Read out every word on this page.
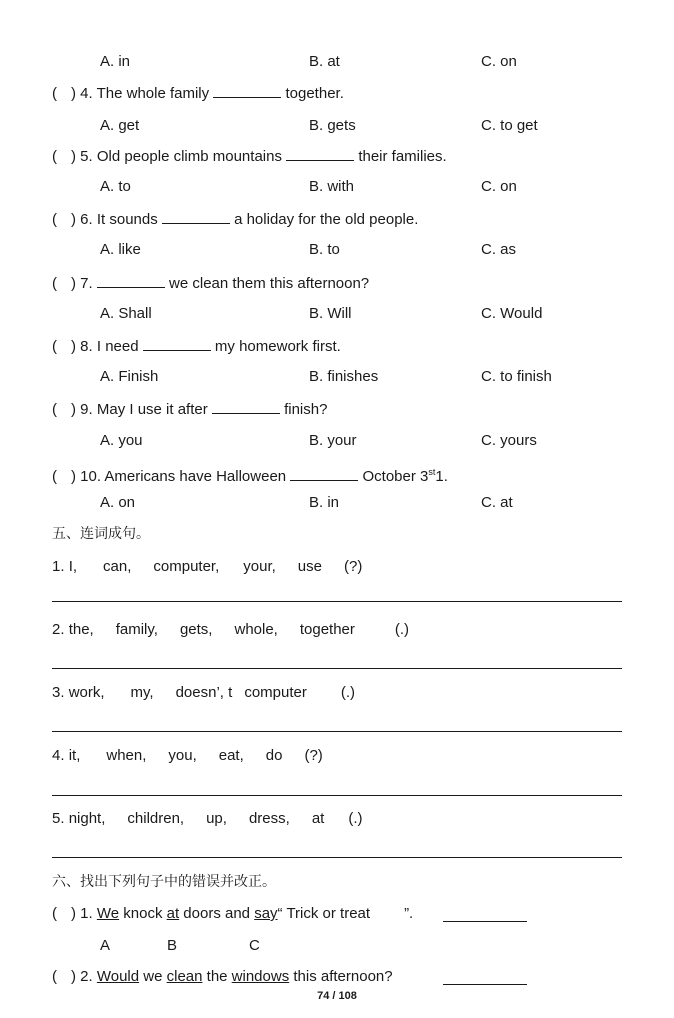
A. in	B. at	C. on
( ) 4. The whole family	together.
A. get	B. gets	C. to get
( ) 5. Old people climb mountains	their families.
A. to	B. with	C. on
( ) 6. It sounds	a holiday for the old people.
A. like	B. to	C. as
( ) 7.	we clean them this afternoon?
A. Shall	B. Will	C. Would
( ) 8. I need	my homework first.
A. Finish	B. finishes	C. to finish
( ) 9. May I use it after	finish?
A. you	B. your	C. yours
( ) 10. Americans have Halloween	October 3st1.
A. on	B. in	C. at
五、连词成句。
1. I, can, computer, your, use (?)
2. the, family, gets, whole, together	(.)
3. work, my, doesn’, t computer (.)
4. it, when, you, eat, do (?)
5. night, children, up, dress, at (.)
六、找出下列句子中的错误并改正。
( ) 1. We knock at doors and say“ Trick or treat ”.
A	B	C
( ) 2. Would we clean the windows this afternoon?
74 / 108
